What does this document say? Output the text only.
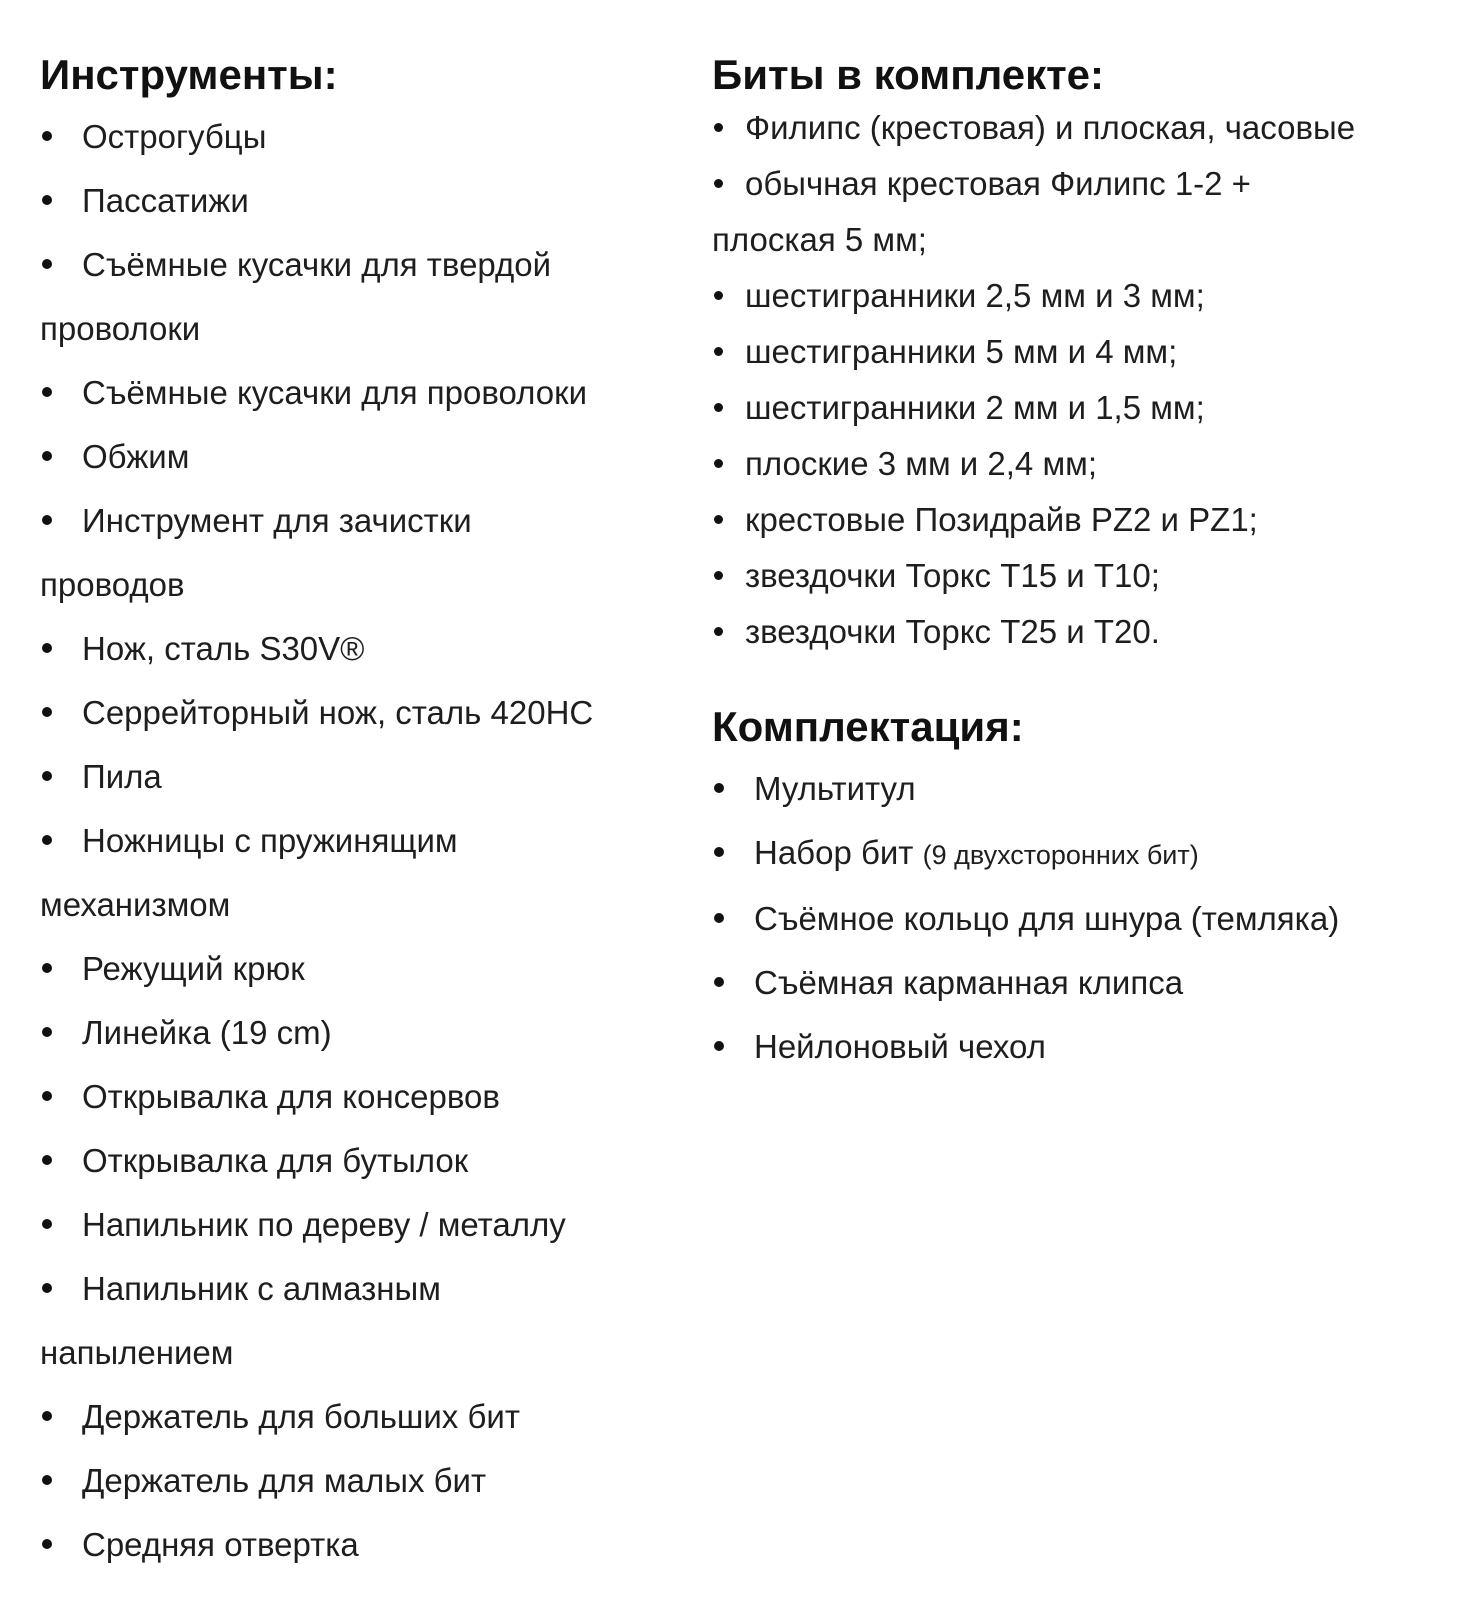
Инструменты:
Острогубцы
Пассатижи
Съёмные кусачки для твердой
проволоки
Съёмные кусачки для проволоки
Обжим
Инструмент для зачистки
проводов
Нож, сталь S30V®
Серрейторный нож, сталь 420HC
Пила
Ножницы с пружинящим
механизмом
Режущий крюк
Линейка (19 cm)
Открывалка для консервов
Открывалка для бутылок
Напильник по дереву / металлу
Напильник с алмазным
напылением
Держатель для больших бит
Держатель для малых бит
Средняя отвертка
Биты в комплекте:
Филипс (крестовая) и плоская, часовые
обычная крестовая Филипс 1-2 +
плоская 5 мм;
шестигранники 2,5 мм и 3 мм;
шестигранники 5 мм и 4 мм;
шестигранники 2 мм и 1,5 мм;
плоские 3 мм и 2,4 мм;
крестовые Позидрайв PZ2 и PZ1;
звездочки Торкс T15 и T10;
звездочки Торкс T25 и T20.
Комплектация:
Мультитул
Набор бит (9 двухсторонних бит)
Съёмное кольцо для шнура (темляка)
Съёмная карманная клипса
Нейлоновый чехол
